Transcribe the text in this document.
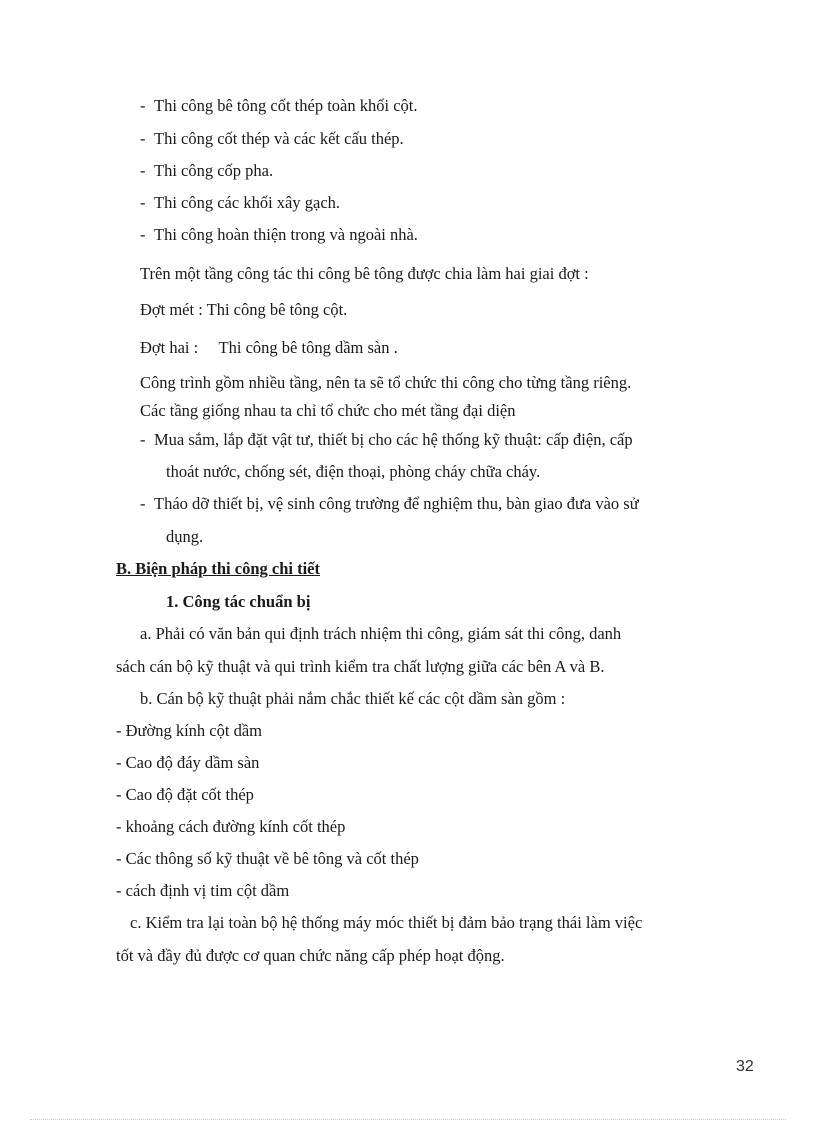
- Thi công bê tông cốt thép toàn khối cột.
- Thi công cốt thép và các kết cấu thép.
- Thi công cốp pha.
- Thi công các khối xây gạch.
- Thi công hoàn thiện trong và ngoài nhà.
Trên một tầng công tác thi công bê tông được chia làm hai giai đợt :
Đợt mét : Thi công bê tông cột.
Đợt hai :     Thi công bê tông dầm sàn .
Công trình gồm nhiều tầng, nên ta sẽ tổ chức thi công cho từng tầng riêng.
Các tầng giống nhau ta chỉ tổ chức cho mét tầng đại diện
- Mua sắm, lắp đặt vật tư, thiết bị cho các hệ thống kỹ thuật: cấp điện, cấp
thoát nước, chống sét, điện thoại, phòng cháy chữa cháy.
- Tháo dỡ thiết bị, vệ sinh công trường để nghiệm thu, bàn giao đưa vào sử
dụng.
B. Biện pháp thi công chi tiết
1. Công tác chuẩn bị
a. Phải có văn bản qui định trách nhiệm thi công, giám sát thi công, danh
sách cán bộ kỹ thuật và qui trình kiểm tra chất lượng giữa các bên A và B.
b. Cán bộ kỹ thuật phải nắm chắc thiết kế các cột dầm sàn gồm :
- Đường kính cột dầm
- Cao độ đáy dầm sàn
- Cao độ đặt cốt thép
- khoảng cách đường kính cốt thép
- Các thông số kỹ thuật về bê tông và cốt thép
- cách định vị tim cột dầm
c. Kiểm tra lại toàn bộ hệ thống máy móc thiết bị đảm bảo trạng thái làm việc
tốt và đầy đủ được cơ quan chức năng cấp phép hoạt động.
32
